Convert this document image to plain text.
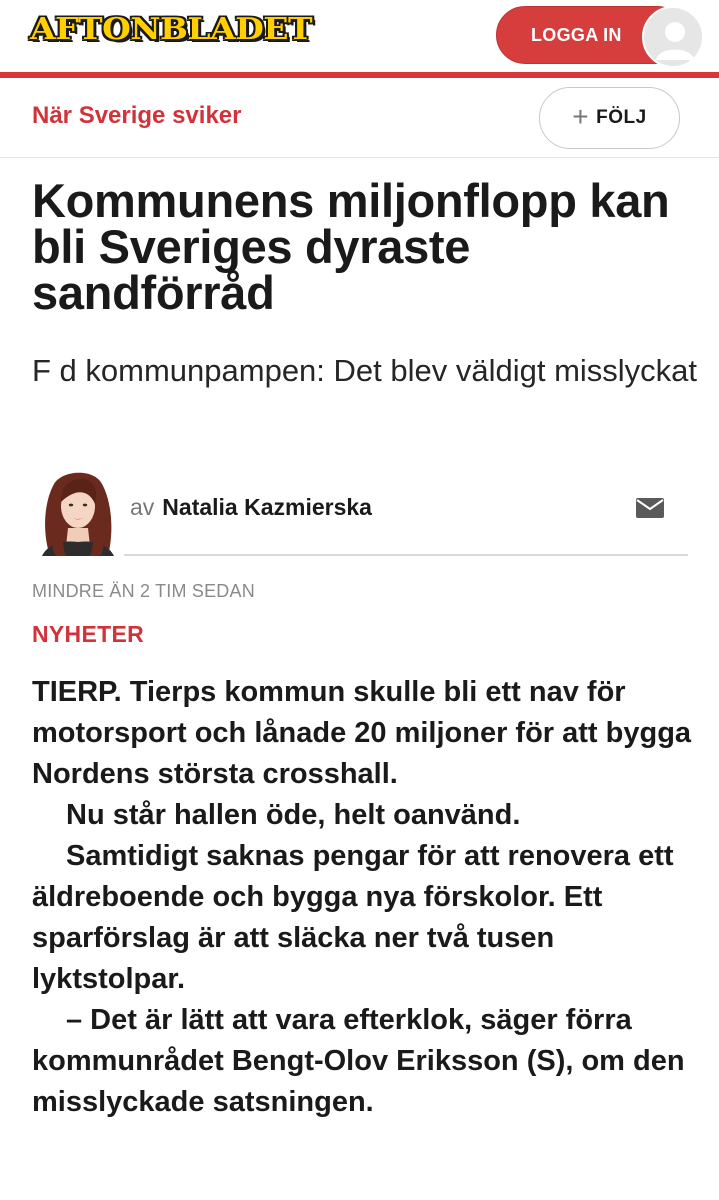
AFTONBLADET	LOGGA IN
När Sverige sviker	+ FÖLJ
Kommunens miljonflopp kan bli Sveriges dyraste sandförråd
F d kommunpampen: Det blev väldigt misslyckat
av Natalia Kazmierska
MINDRE ÄN 2 TIM SEDAN
NYHETER

TIERP. Tierps kommun skulle bli ett nav för motorsport och lånade 20 miljoner för att bygga Nordens största crosshall.

Nu står hallen öde, helt oanvänd.

Samtidigt saknas pengar för att renovera ett äldreboende och bygga nya förskolor. Ett sparförslag är att släcka ner två tusen lyktstolpar.

– Det är lätt att vara efterklok, säger förra kommunrådet Bengt-Olov Eriksson (S), om den misslyckade satsningen.
